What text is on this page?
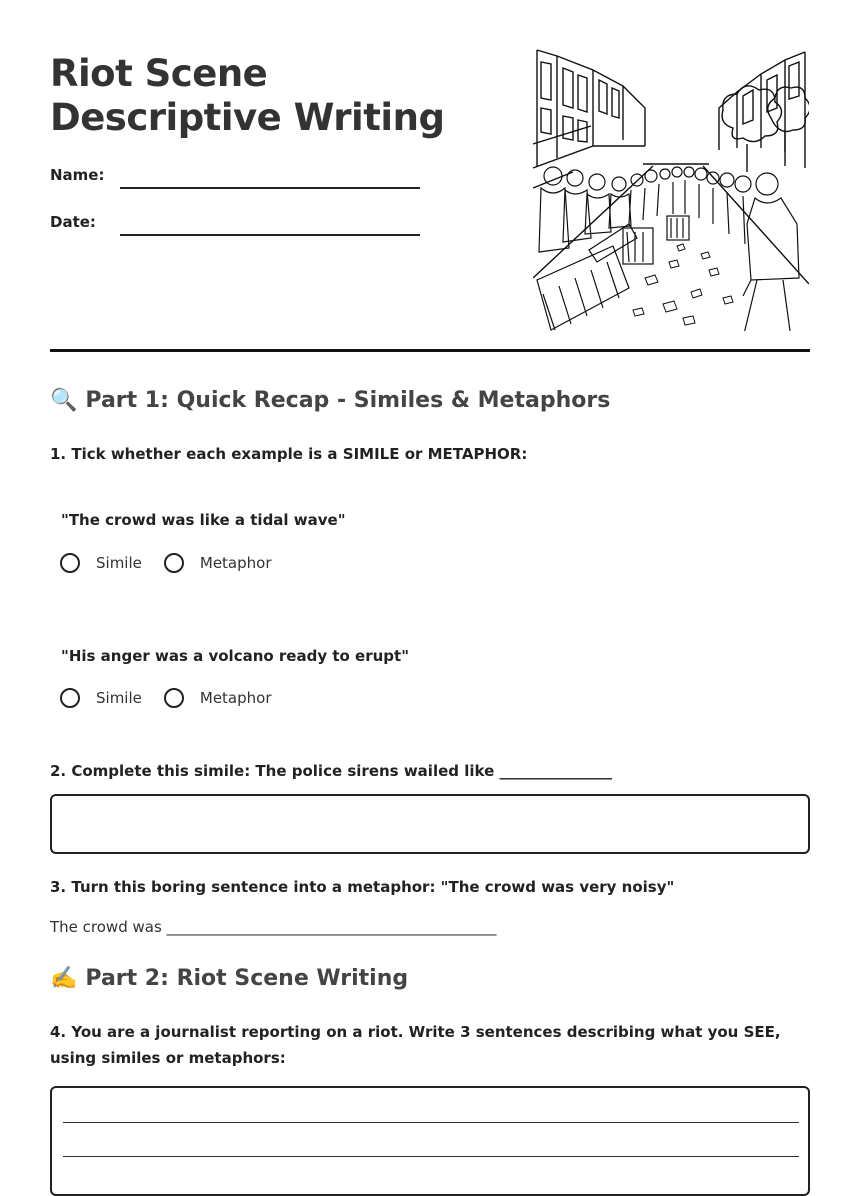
Riot Scene Descriptive Writing
Name:
Date:
🔍 Part 1: Quick Recap - Similes & Metaphors
1. Tick whether each example is a SIMILE or METAPHOR:
"The crowd was like a tidal wave"
Simile	Metaphor
"His anger was a volcano ready to erupt"
Simile	Metaphor
2. Complete this simile: The police sirens wailed like _______________
3. Turn this boring sentence into a metaphor: "The crowd was very noisy"
The crowd was ____________________________________________
✍️ Part 2: Riot Scene Writing
4. You are a journalist reporting on a riot. Write 3 sentences describing what you SEE, using similes or metaphors:
